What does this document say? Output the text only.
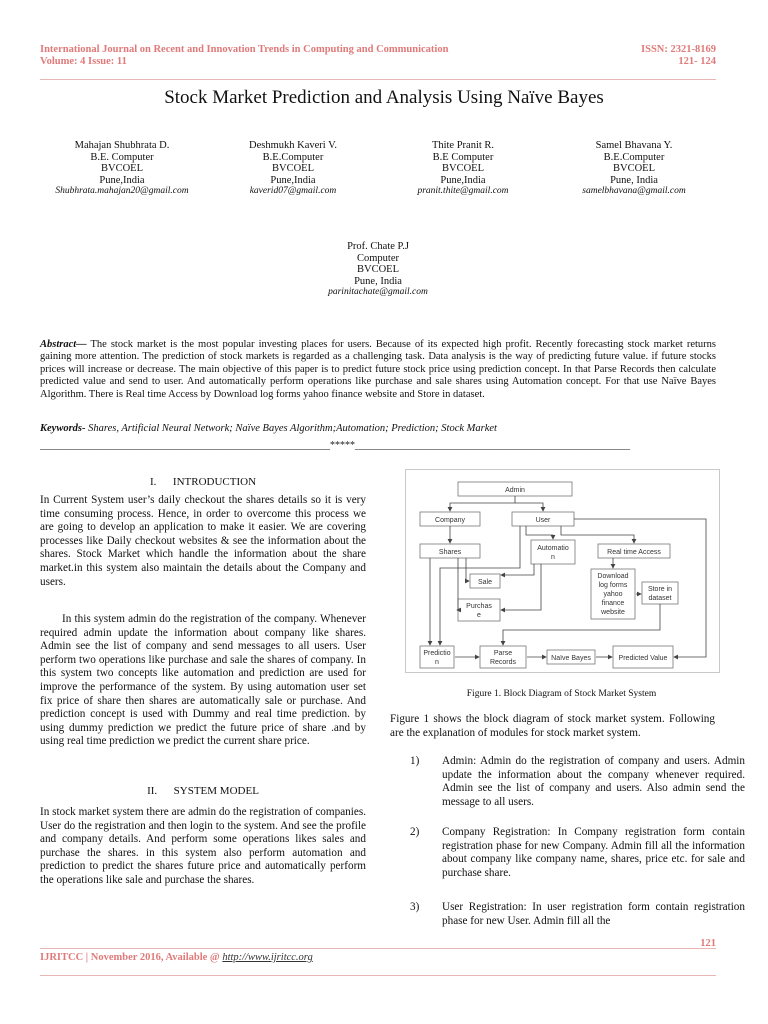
International Journal on Recent and Innovation Trends in Computing and Communication
Volume: 4 Issue: 11
ISSN: 2321-8169
121- 124
Stock Market Prediction and Analysis Using Naïve Bayes
Mahajan Shubhrata D.
B.E. Computer
BVCOEL
Pune,India
Shubhrata.mahajan20@gmail.com
Deshmukh Kaveri V.
B.E.Computer
BVCOEL
Pune,India
kaverid07@gmail.com
Thite Pranit R.
B.E Computer
BVCOEL
Pune,India
pranit.thite@gmail.com
Samel Bhavana Y.
B.E.Computer
BVCOEL
Pune, India
samelbhavana@gmail.com
Prof. Chate P.J
Computer
BVCOEL
Pune, India
parinitachate@gmail.com
Abstract— The stock market is the most popular investing places for users. Because of its expected high profit. Recently forecasting stock market returns gaining more attention. The prediction of stock markets is regarded as a challenging task. Data analysis is the way of predicting future value. if future stocks prices will increase or decrease. The main objective of this paper is to predict future stock price using prediction concept. In that Parse Records then calculate predicted value and send to user. And automatically perform operations like purchase and sale shares using Automation concept. For that use Naïve Bayes Algorithm. There is Real time Access by Download log forms yahoo finance website and Store in dataset.
Keywords- Shares, Artificial Neural Network; Naïve Bayes Algorithm;Automation; Prediction; Stock Market
__________________________________________________________*****_______________________________________________________
I. INTRODUCTION
In Current System user’s daily checkout the shares details so it is very time consuming process. Hence, in order to overcome this process we are going to develop an application to make it easier. We are covering processes like Daily checkout websites & see the information about the shares. Stock Market which handle the information about the share market.in this system also maintain the details about the Company and users.
In this system admin do the registration of the company. Whenever required admin update the information about company like shares. Admin see the list of company and send messages to all users. User perform two operations like purchase and sale the shares of company. In this system two concepts like automation and prediction are used for improve the performance of the system. By using automation user set fix price of share then shares are automatically sale or purchase. And prediction concept is used with Dummy and real time prediction. by using dummy prediction we predict the future price of share .and by using real time prediction we predict the current share price.
II. SYSTEM MODEL
In stock market system there are admin do the registration of companies. User do the registration and then login to the system. And see the profile and company details. And perform some operations likes sales and purchase the shares. in this system also perform automation and prediction to predict the shares future price and automatically perform the operations like sale and purchase the shares.
Admin
Company	User
Shares
Automatio
n
Real time Access
Sale
Purchas
e
Download
log forms
yahoo
finance
website
Store in
dataset
Predictio
n
Parse
Records
Naïve Bayes	Predicted Value
Figure 1. Block Diagram of Stock Market System
Figure 1 shows the block diagram of stock market system. Following are the explanation of modules for stock market system.
1)	Admin: Admin do the registration of company and users. Admin update the information about the company whenever required. Admin see the list of company and users. Also admin send the message to all users.
2)	Company Registration: In Company registration form contain registration phase for new Company. Admin fill all the information about company like company name, shares, price etc. for sale and purchase share.
3)	User Registration: In user registration form contain registration phase for new User. Admin fill all the
121
IJRITCC | November 2016, Available @ http://www.ijritcc.org
